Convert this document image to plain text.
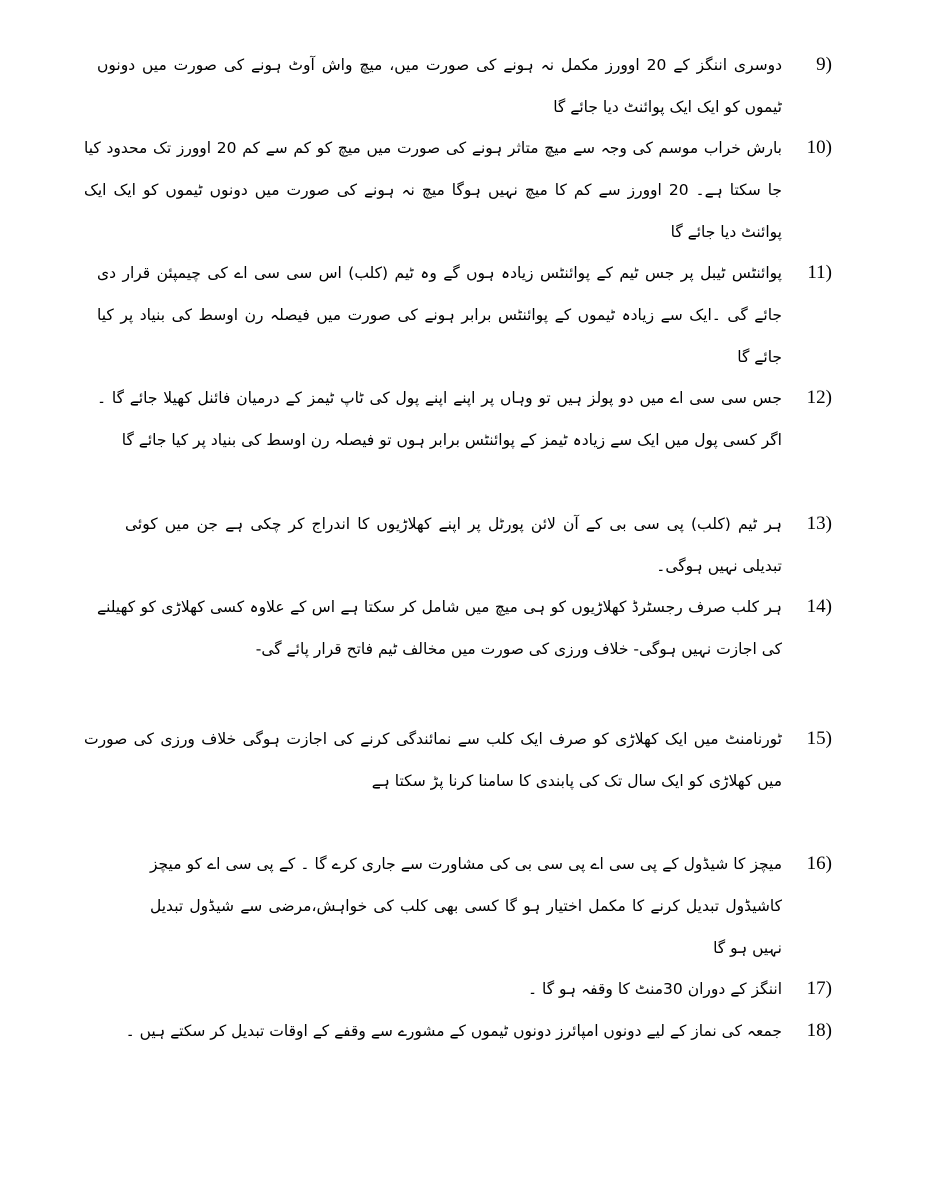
9)
دوسری اننگز کے 20 اوورز مکمل نہ ہونے کی صورت میں، میچ واش آوٹ ہونے کی صورت میں دونوں ٹیموں کو ایک ایک پوائنٹ دیا جائے گا
10)
بارش خراب موسم کی وجہ سے میچ متاثر ہونے کی صورت میں میچ کو کم سے کم 20 اوورز تک محدود کیا جا سکتا ہے۔ 20 اوورز سے کم کا میچ نہیں ہوگا میچ نہ ہونے کی صورت میں دونوں ٹیموں کو ایک ایک پوائنٹ دیا جائے گا
11)
پوائنٹس ٹیبل پر جس ٹیم کے پوائنٹس زیادہ ہوں گے وہ ٹیم (کلب) اس سی سی اے کی چیمپئن قرار دی جائے گی ۔ایک سے زیادہ ٹیموں کے پوائنٹس برابر ہونے کی صورت میں فیصلہ رن اوسط کی بنیاد پر کیا جائے گا
12)
جس سی سی اے میں دو پولز ہیں تو وہاں پر اپنے اپنے پول کی ٹاپ ٹیمز کے درمیان فائنل کھیلا جائے گا ۔اگر کسی پول میں ایک سے زیادہ ٹیمز کے پوائنٹس برابر ہوں تو فیصلہ رن اوسط کی بنیاد پر کیا جائے گا
13)
ہر ٹیم (کلب) پی سی بی کے آن لائن پورٹل پر اپنے کھلاڑیوں کا اندراج کر چکی ہے جن میں کوئی تبدیلی نہیں ہوگی۔
14)
ہر کلب صرف رجسٹرڈ کھلاڑیوں کو ہی میچ میں شامل کر سکتا ہے اس کے علاوہ کسی کھلاڑی کو کھیلنے کی اجازت نہیں ہوگی- خلاف ورزی کی صورت میں مخالف ٹیم فاتح قرار پائے گی-
15)
ٹورنامنٹ میں ایک کھلاڑی کو صرف ایک کلب سے نمائندگی کرنے کی اجازت ہوگی خلاف ورزی کی صورت میں کھلاڑی کو ایک سال تک کی پابندی کا سامنا کرنا پڑ سکتا ہے
16)
میچز کا شیڈول کے پی سی اے پی سی بی کی مشاورت سے جاری کرے گا ۔ کے پی سی اے کو میچز کاشیڈول تبدیل کرنے کا مکمل اختیار ہو گا کسی بھی کلب کی خواہش،مرضی سے شیڈول تبدیل نہیں ہو گا
17)
اننگز کے دوران 30منٹ کا وقفہ ہو گا ۔
18)
جمعہ کی نماز کے لیے دونوں امپائرز دونوں ٹیموں کے مشورے سے وقفے کے اوقات تبدیل کر سکتے ہیں ۔
